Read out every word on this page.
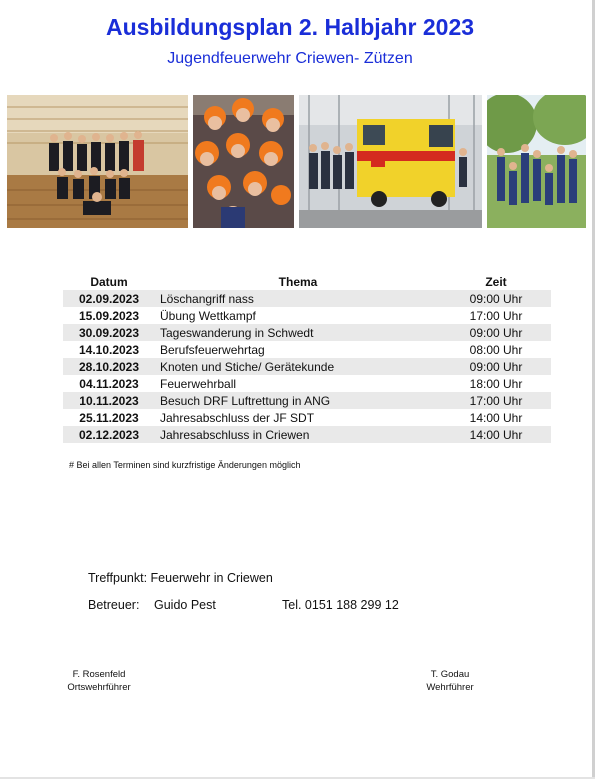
Ausbildungsplan 2. Halbjahr 2023
Jugendfeuerwehr Criewen- Zützen
Datum	Thema	Zeit
02.09.2023	Löschangriff nass	09:00 Uhr
15.09.2023	Übung Wettkampf	17:00 Uhr
30.09.2023	Tageswanderung in Schwedt	09:00 Uhr
14.10.2023	Berufsfeuerwehrtag	08:00 Uhr
28.10.2023	Knoten und Stiche/ Gerätekunde	09:00 Uhr
04.11.2023	Feuerwehrball	18:00 Uhr
10.11.2023	Besuch DRF Luftrettung in ANG	17:00 Uhr
25.11.2023	Jahresabschluss der JF SDT	14:00 Uhr
02.12.2023	Jahresabschluss in Criewen	14:00 Uhr
# Bei allen Terminen sind kurzfristige Änderungen möglich
Treffpunkt: Feuerwehr in Criewen
Betreuer: Guido Pest	Tel. 0151 188 299 12
F. Rosenfeld
Ortswehrführer
T. Godau
Wehrführer
